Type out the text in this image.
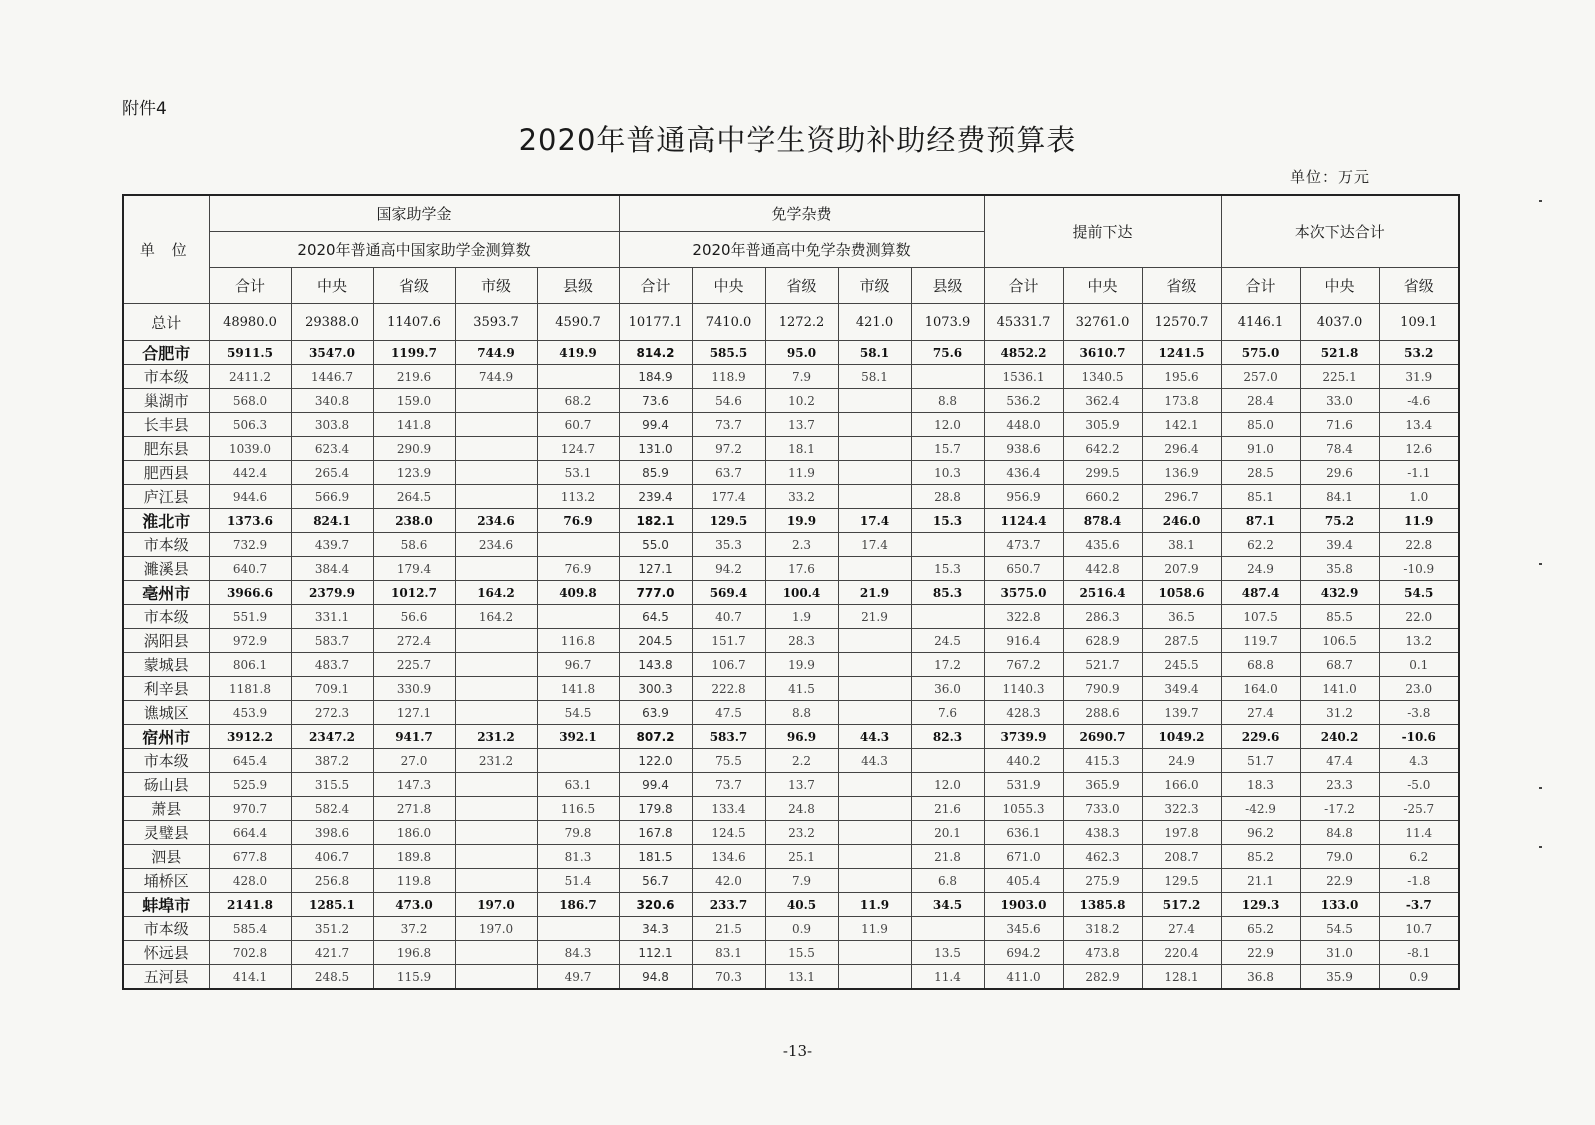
附件4
2020年普通高中学生资助补助经费预算表
单位：万元
单 位	国家助学金					免学杂费					提前下达			本次下达合计		
	2020年普通高中国家助学金测算数					2020年普通高中免学杂费测算数										
	合计	中央	省级	市级	县级	合计	中央	省级	市级	县级	合计	中央	省级	合计	中央	省级
总计	48980.0	29388.0	11407.6	3593.7	4590.7	10177.1	7410.0	1272.2	421.0	1073.9	45331.7	32761.0	12570.7	4146.1	4037.0	109.1
合肥市	5911.5	3547.0	1199.7	744.9	419.9	814.2	585.5	95.0	58.1	75.6	4852.2	3610.7	1241.5	575.0	521.8	53.2
市本级	2411.2	1446.7	219.6	744.9		184.9	118.9	7.9	58.1		1536.1	1340.5	195.6	257.0	225.1	31.9
巢湖市	568.0	340.8	159.0		68.2	73.6	54.6	10.2		8.8	536.2	362.4	173.8	28.4	33.0	-4.6
长丰县	506.3	303.8	141.8		60.7	99.4	73.7	13.7		12.0	448.0	305.9	142.1	85.0	71.6	13.4
肥东县	1039.0	623.4	290.9		124.7	131.0	97.2	18.1		15.7	938.6	642.2	296.4	91.0	78.4	12.6
肥西县	442.4	265.4	123.9		53.1	85.9	63.7	11.9		10.3	436.4	299.5	136.9	28.5	29.6	-1.1
庐江县	944.6	566.9	264.5		113.2	239.4	177.4	33.2		28.8	956.9	660.2	296.7	85.1	84.1	1.0
淮北市	1373.6	824.1	238.0	234.6	76.9	182.1	129.5	19.9	17.4	15.3	1124.4	878.4	246.0	87.1	75.2	11.9
市本级	732.9	439.7	58.6	234.6		55.0	35.3	2.3	17.4		473.7	435.6	38.1	62.2	39.4	22.8
濉溪县	640.7	384.4	179.4		76.9	127.1	94.2	17.6		15.3	650.7	442.8	207.9	24.9	35.8	-10.9
亳州市	3966.6	2379.9	1012.7	164.2	409.8	777.0	569.4	100.4	21.9	85.3	3575.0	2516.4	1058.6	487.4	432.9	54.5
市本级	551.9	331.1	56.6	164.2		64.5	40.7	1.9	21.9		322.8	286.3	36.5	107.5	85.5	22.0
涡阳县	972.9	583.7	272.4		116.8	204.5	151.7	28.3		24.5	916.4	628.9	287.5	119.7	106.5	13.2
蒙城县	806.1	483.7	225.7		96.7	143.8	106.7	19.9		17.2	767.2	521.7	245.5	68.8	68.7	0.1
利辛县	1181.8	709.1	330.9		141.8	300.3	222.8	41.5		36.0	1140.3	790.9	349.4	164.0	141.0	23.0
谯城区	453.9	272.3	127.1		54.5	63.9	47.5	8.8		7.6	428.3	288.6	139.7	27.4	31.2	-3.8
宿州市	3912.2	2347.2	941.7	231.2	392.1	807.2	583.7	96.9	44.3	82.3	3739.9	2690.7	1049.2	229.6	240.2	-10.6
市本级	645.4	387.2	27.0	231.2		122.0	75.5	2.2	44.3		440.2	415.3	24.9	51.7	47.4	4.3
砀山县	525.9	315.5	147.3		63.1	99.4	73.7	13.7		12.0	531.9	365.9	166.0	18.3	23.3	-5.0
萧县	970.7	582.4	271.8		116.5	179.8	133.4	24.8		21.6	1055.3	733.0	322.3	-42.9	-17.2	-25.7
灵璧县	664.4	398.6	186.0		79.8	167.8	124.5	23.2		20.1	636.1	438.3	197.8	96.2	84.8	11.4
泗县	677.8	406.7	189.8		81.3	181.5	134.6	25.1		21.8	671.0	462.3	208.7	85.2	79.0	6.2
埇桥区	428.0	256.8	119.8		51.4	56.7	42.0	7.9		6.8	405.4	275.9	129.5	21.1	22.9	-1.8
蚌埠市	2141.8	1285.1	473.0	197.0	186.7	320.6	233.7	40.5	11.9	34.5	1903.0	1385.8	517.2	129.3	133.0	-3.7
市本级	585.4	351.2	37.2	197.0		34.3	21.5	0.9	11.9		345.6	318.2	27.4	65.2	54.5	10.7
怀远县	702.8	421.7	196.8		84.3	112.1	83.1	15.5		13.5	694.2	473.8	220.4	22.9	31.0	-8.1
五河县	414.1	248.5	115.9		49.7	94.8	70.3	13.1		11.4	411.0	282.9	128.1	36.8	35.9	0.9
-13-
